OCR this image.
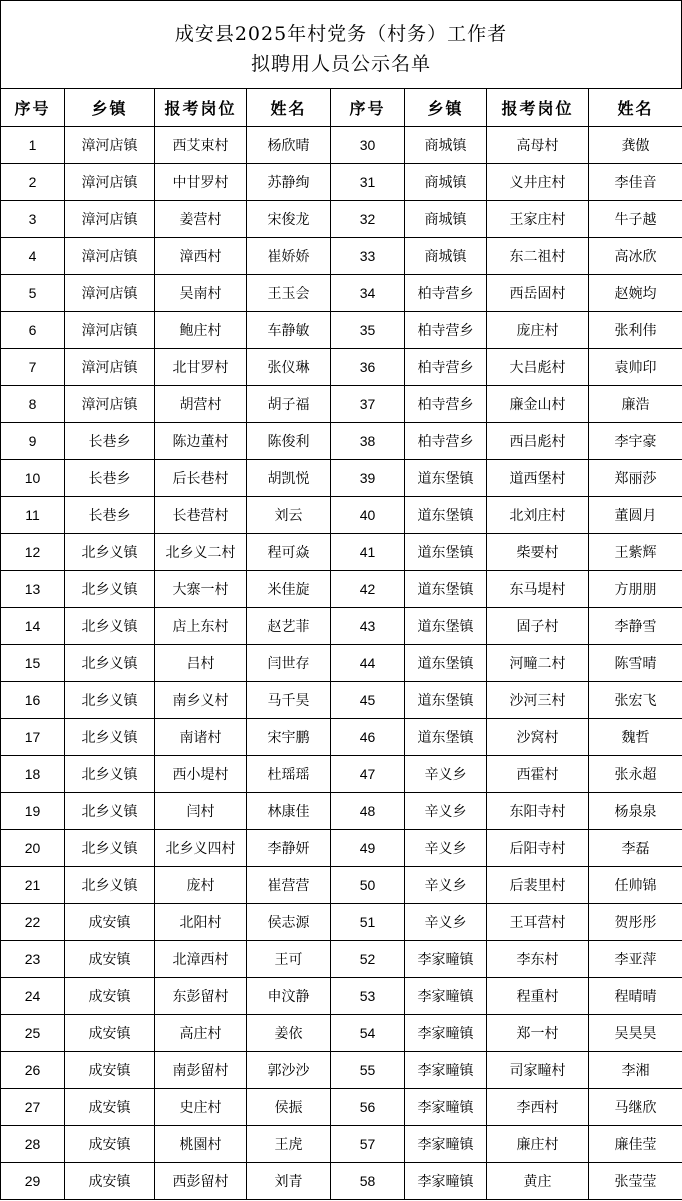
成安县2025年村党务（村务）工作者
拟聘用人员公示名单
序号	乡镇	报考岗位	姓名	序号	乡镇	报考岗位	姓名
1	漳河店镇	西艾束村	杨欣晴	30	商城镇	高母村	龚傲
2	漳河店镇	中甘罗村	苏静绚	31	商城镇	义井庄村	李佳音
3	漳河店镇	姜营村	宋俊龙	32	商城镇	王家庄村	牛子越
4	漳河店镇	漳西村	崔娇娇	33	商城镇	东二祖村	高冰欣
5	漳河店镇	吴南村	王玉会	34	柏寺营乡	西岳固村	赵婉均
6	漳河店镇	鲍庄村	车静敏	35	柏寺营乡	庞庄村	张利伟
7	漳河店镇	北甘罗村	张仪琳	36	柏寺营乡	大吕彪村	袁帅印
8	漳河店镇	胡营村	胡子福	37	柏寺营乡	廉金山村	廉浩
9	长巷乡	陈边董村	陈俊利	38	柏寺营乡	西吕彪村	李宇豪
10	长巷乡	后长巷村	胡凯悦	39	道东堡镇	道西堡村	郑丽莎
11	长巷乡	长巷营村	刘云	40	道东堡镇	北刘庄村	董圆月
12	北乡义镇	北乡义二村	程可焱	41	道东堡镇	柴要村	王紫辉
13	北乡义镇	大寨一村	米佳旋	42	道东堡镇	东马堤村	方朋朋
14	北乡义镇	店上东村	赵艺菲	43	道东堡镇	固子村	李静雪
15	北乡义镇	吕村	闫世存	44	道东堡镇	河疃二村	陈雪晴
16	北乡义镇	南乡义村	马千昊	45	道东堡镇	沙河三村	张宏飞
17	北乡义镇	南诸村	宋宇鹏	46	道东堡镇	沙窝村	魏哲
18	北乡义镇	西小堤村	杜瑶瑶	47	辛义乡	西霍村	张永超
19	北乡义镇	闫村	林康佳	48	辛义乡	东阳寺村	杨泉泉
20	北乡义镇	北乡义四村	李静妍	49	辛义乡	后阳寺村	李磊
21	北乡义镇	庞村	崔营营	50	辛义乡	后裴里村	任帅锦
22	成安镇	北阳村	侯志源	51	辛义乡	王耳营村	贺彤彤
23	成安镇	北漳西村	王可	52	李家疃镇	李东村	李亚萍
24	成安镇	东彭留村	申汶静	53	李家疃镇	程重村	程晴晴
25	成安镇	高庄村	姜依	54	李家疃镇	郑一村	吴昊昊
26	成安镇	南彭留村	郭沙沙	55	李家疃镇	司家疃村	李湘
27	成安镇	史庄村	侯振	56	李家疃镇	李西村	马继欣
28	成安镇	桃園村	王虎	57	李家疃镇	廉庄村	廉佳莹
29	成安镇	西彭留村	刘青	58	李家疃镇	黄庄	张莹莹
